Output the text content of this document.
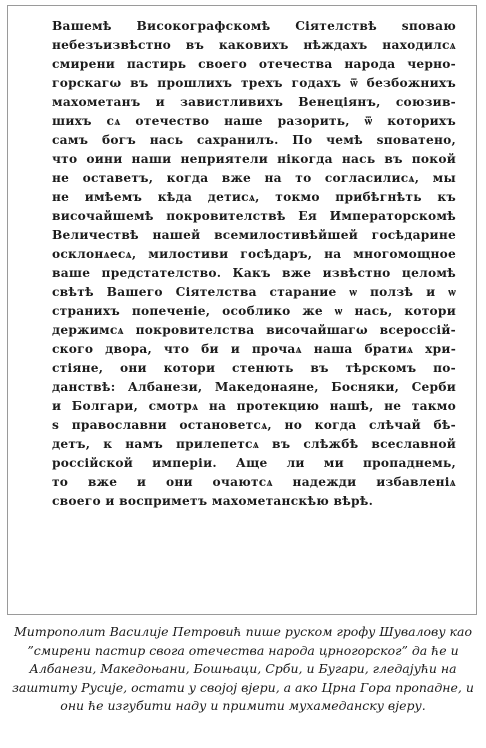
Вашемѣ Високографскомѣ Сіятелствѣ ѕповаю
небезъизвѣстно въ каковихъ нѣждахъ находилсѧ
смирени пастирь своего отечества народа черно-
горскагω въ прошлихъ трехъ годахъ ѿ безбожнихъ
махометанъ и завистливихъ Венеціянъ, союзив-
шихъ сѧ отечество наше разорить, ѿ которихъ
самъ богъ нась сахранилъ. По чемѣ ѕповатено,
что оини наши неприятели нікогда нась въ покой
не оставетъ, когда вже на то согласилисѧ, мы
не имѣемъ кѣда детисѧ, токмо прибѣгнѣть къ
височайшемѣ покровителствѣ Ея Императорскомѣ
Величествѣ нашей всемилостивѣйшей госѣдарине
осклонѧесѧ, милостиви госѣдаръ, на многомощное
ваше предстателство. Какъ вже извѣстно целомѣ
свѣтѣ Вашего Сіятелства старание ѡ ползѣ и ѡ
странихъ попеченіе, особлико же ѡ нась, котори
держимсѧ покровителства височайшагω всероссій-
ского двора, что би и прочаѧ наша братиѧ хри-
стіяне, они котори стенють въ тѣрскомъ по-
данствѣ: Албанези, Македонаяне, Босняки, Серби
и Болгари, смотрѧ на протекцию нашѣ, не такмо
ѕ православни остановетсѧ, но когда слѣчай бѣ-
детъ, к намъ прилепетсѧ въ слѣжбѣ всеславной
россійской имперіи. Аще ли ми пропаднемь,
то вже и они очаютсѧ надежди избавленіѧ
своего и восприметъ махометанскѣю вѣрѣ.
Митрополит Василије Петровић пише руском грофу Шувалову као
”смирени пастир свога отечества народа црногорског” да ће и
Албанези, Македоњани, Бошњаци, Срби, и Бугари, гледајући на
заштиту Русије, остати у својој вјери, а ако Црна Гора пропадне, и
они ће изгубити наду и примити мухамеданску вјеру.
